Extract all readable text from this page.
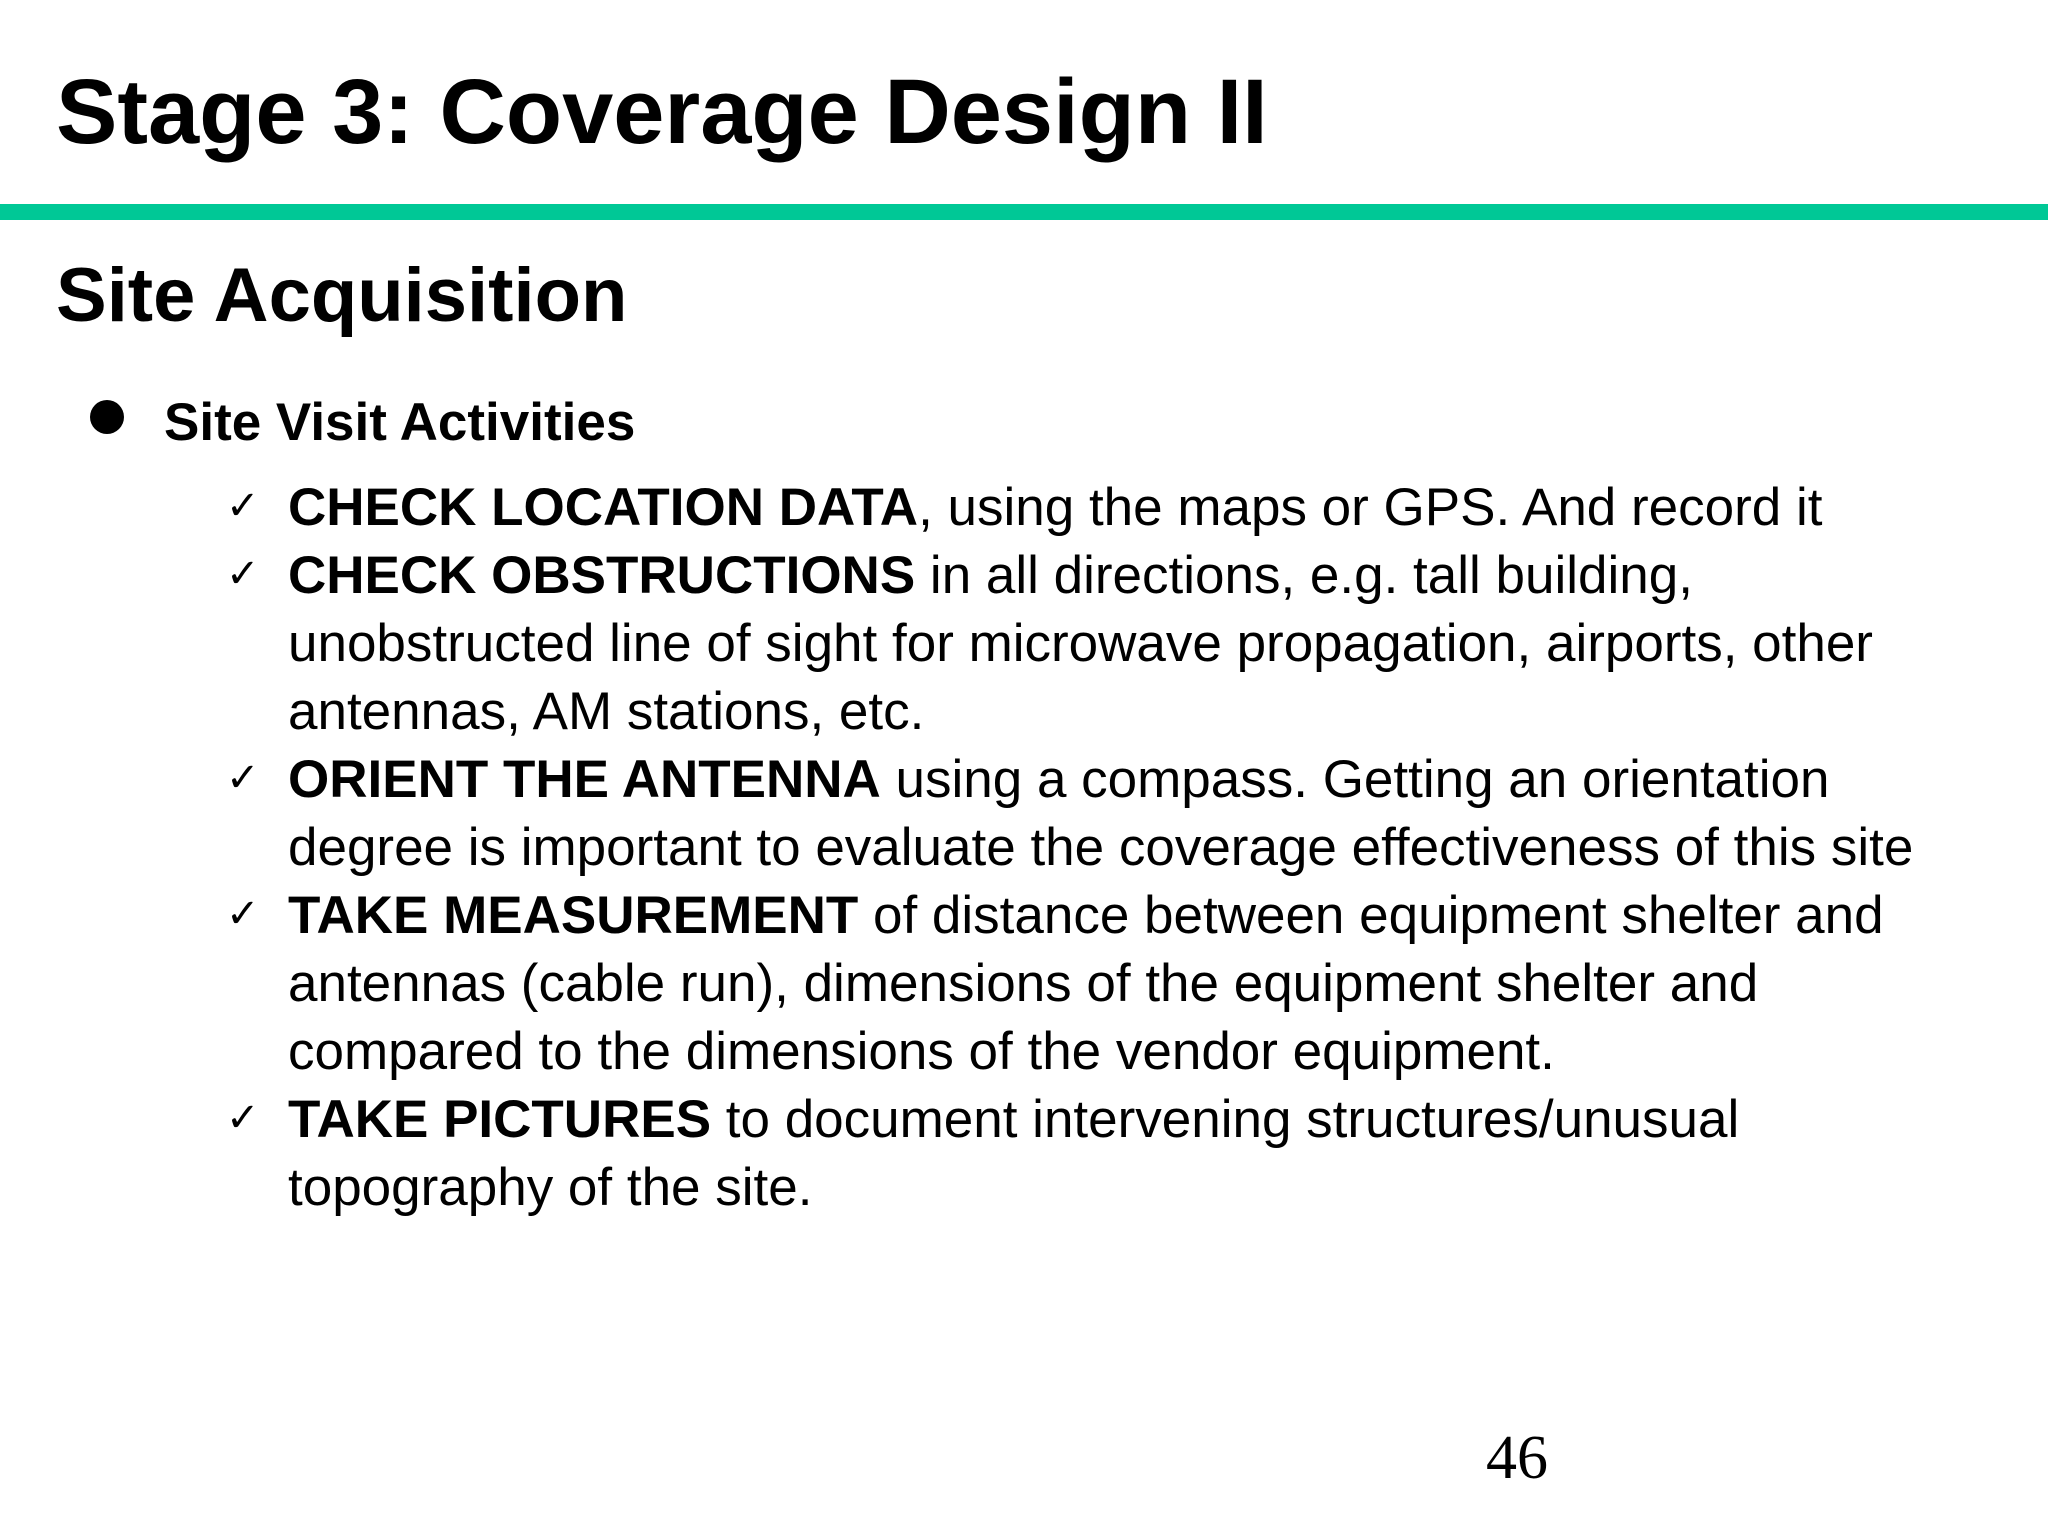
Stage 3: Coverage Design II
Site Acquisition
Site Visit Activities
✓ CHECK LOCATION DATA, using the maps or GPS. And record it
✓ CHECK OBSTRUCTIONS in all directions, e.g. tall building, unobstructed line of sight for microwave propagation, airports, other antennas, AM stations, etc.
✓ ORIENT THE ANTENNA using a compass. Getting an orientation degree is important to evaluate the coverage effectiveness of this site
✓ TAKE MEASUREMENT of distance between equipment shelter and antennas (cable run), dimensions of the equipment shelter and compared to the dimensions of the vendor equipment.
✓ TAKE PICTURES to document intervening structures/unusual topography of the site.
46
